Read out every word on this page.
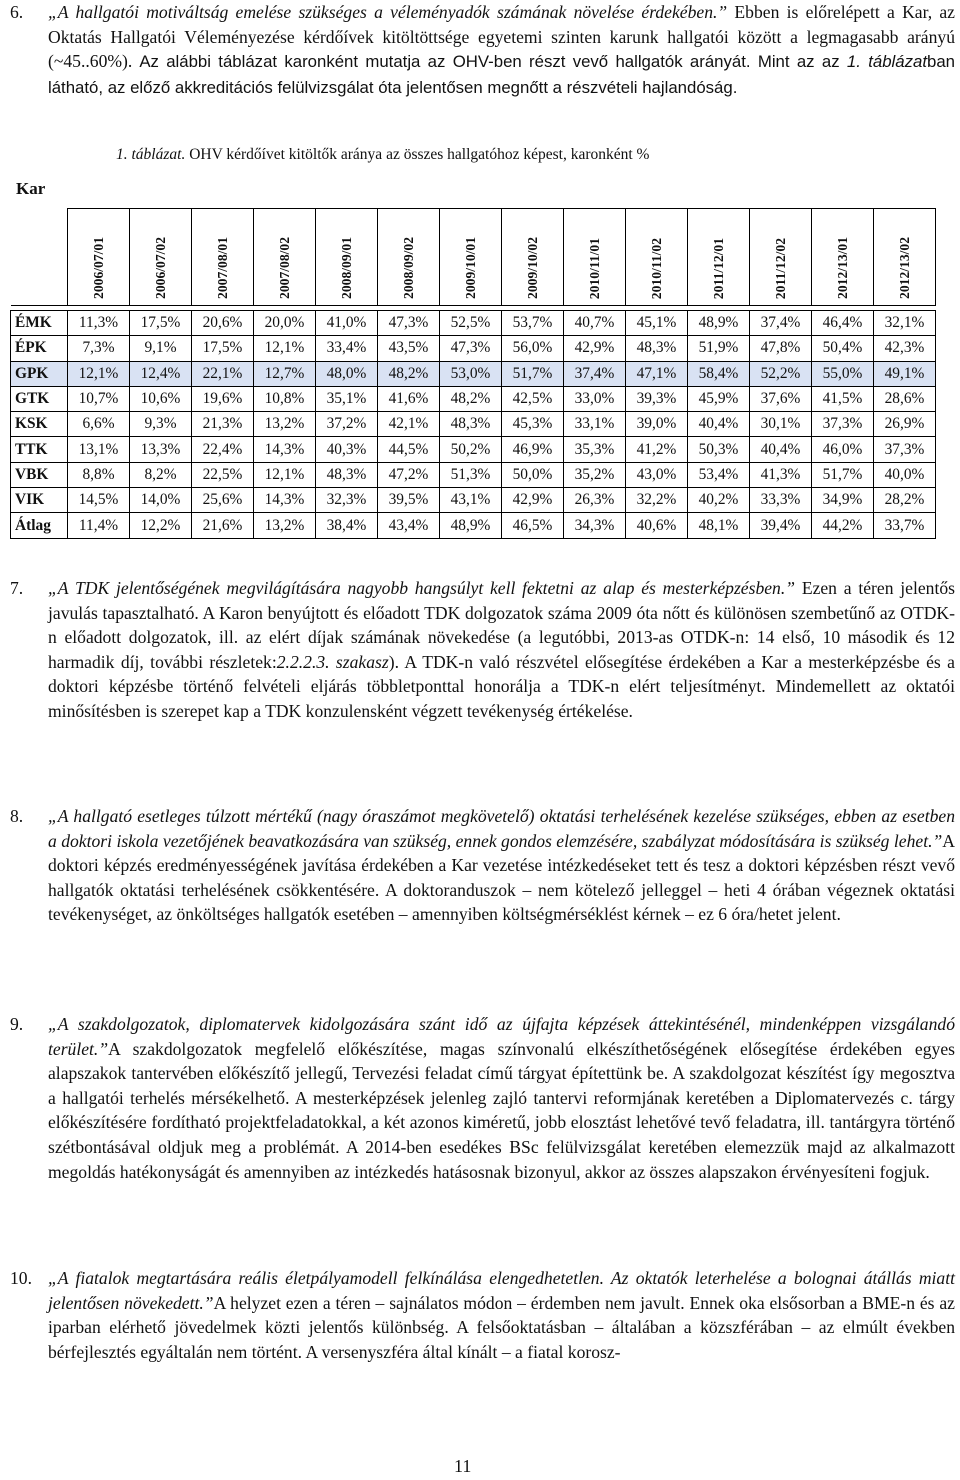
6. „A hallgatói motiváltság emelése szükséges a véleményadók számának növelése érdekében.” Ebben is előrelépett a Kar, az Oktatás Hallgatói Véleményezése kérdőívek kitöltöttsége egyetemi szinten karunk hallgatói között a legmagasabb arányú (~45..60%). Az alábbi táblázat karonként mutatja az OHV-ben részt vevő hallgatók arányát. Mint az az 1. táblázatban látható, az előző akkreditációs felülvizsgálat óta jelentősen megnőtt a részvételi hajlandóság.
1. táblázat. OHV kérdőívet kitöltők aránya az összes hallgatóhoz képest, karonként %
Kar

	2006/07/01	2006/07/02	2007/08/01	2007/08/02	2008/09/01	2008/09/02	2009/10/01	2009/10/02	2010/11/01	2010/11/02	2011/12/01	2011/12/02	2012/13/01	2012/13/02

ÉMK	11,3%	17,5%	20,6%	20,0%	41,0%	47,3%	52,5%	53,7%	40,7%	45,1%	48,9%	37,4%	46,4%	32,1%
ÉPK	7,3%	9,1%	17,5%	12,1%	33,4%	43,5%	47,3%	56,0%	42,9%	48,3%	51,9%	47,8%	50,4%	42,3%
GPK	12,1%	12,4%	22,1%	12,7%	48,0%	48,2%	53,0%	51,7%	37,4%	47,1%	58,4%	52,2%	55,0%	49,1%
GTK	10,7%	10,6%	19,6%	10,8%	35,1%	41,6%	48,2%	42,5%	33,0%	39,3%	45,9%	37,6%	41,5%	28,6%
KSK	6,6%	9,3%	21,3%	13,2%	37,2%	42,1%	48,3%	45,3%	33,1%	39,0%	40,4%	30,1%	37,3%	26,9%
TTK	13,1%	13,3%	22,4%	14,3%	40,3%	44,5%	50,2%	46,9%	35,3%	41,2%	50,3%	40,4%	46,0%	37,3%
VBK	8,8%	8,2%	22,5%	12,1%	48,3%	47,2%	51,3%	50,0%	35,2%	43,0%	53,4%	41,3%	51,7%	40,0%
VIK	14,5%	14,0%	25,6%	14,3%	32,3%	39,5%	43,1%	42,9%	26,3%	32,2%	40,2%	33,3%	34,9%	28,2%
Átlag	11,4%	12,2%	21,6%	13,2%	38,4%	43,4%	48,9%	46,5%	34,3%	40,6%	48,1%	39,4%	44,2%	33,7%
7. „A TDK jelentőségének megvilágítására nagyobb hangsúlyt kell fektetni az alap és mesterképzésben.” Ezen a téren jelentős javulás tapasztalható. A Karon benyújtott és előadott TDK dolgozatok száma 2009 óta nőtt és különösen szembetűnő az OTDK-n előadott dolgozatok, ill. az elért díjak számának növekedése (a legutóbbi, 2013-as OTDK-n: 14 első, 10 második és 12 harmadik díj, további részletek:2.2.2.3. szakasz). A TDK-n való részvétel elősegítése érdekében a Kar a mesterképzésbe és a doktori képzésbe történő felvételi eljárás többletponttal honorálja a TDK-n elért teljesítményt. Mindemellett az oktatói minősítésben is szerepet kap a TDK konzulensként végzett tevékenység értékelése.
8. „A hallgató esetleges túlzott mértékű (nagy óraszámot megkövetelő) oktatási terhelésének kezelése szükséges, ebben az esetben a doktori iskola vezetőjének beavatkozására van szükség, ennek gondos elemzésére, szabályzat módosítására is szükség lehet.”A doktori képzés eredményességének javítása érdekében a Kar vezetése intézkedéseket tett és tesz a doktori képzésben részt vevő hallgatók oktatási terhelésének csökkentésére. A doktoranduszok – nem kötelező jelleggel – heti 4 órában végeznek oktatási tevékenységet, az önköltséges hallgatók esetében – amennyiben költségmérséklést kérnek – ez 6 óra/hetet jelent.
9. „A szakdolgozatok, diplomatervek kidolgozására szánt idő az újfajta képzések áttekintésénél, mindenképpen vizsgálandó terület.”A szakdolgozatok megfelelő előkészítése, magas színvonalú elkészíthetőségének elősegítése érdekében egyes alapszakok tantervében előkészítő jellegű, Tervezési feladat című tárgyat építettünk be. A szakdolgozat készítést így megosztva a hallgatói terhelés mérsékelhető. A mesterképzések jelenleg zajló tantervi reformjának keretében a Diplomatervezés c. tárgy előkészítésére fordítható projektfeladatokkal, a két azonos kiméretű, jobb elosztást lehetővé tevő feladatra, ill. tantárgyra történő szétbontásával oldjuk meg a problémát. A 2014-ben esedékes BSc felülvizsgálat keretében elemezzük majd az alkalmazott megoldás hatékonyságát és amennyiben az intézkedés hatásosnak bizonyul, akkor az összes alapszakon érvényesíteni fogjuk.
10. „A fiatalok megtartására reális életpályamodell felkínálása elengedhetetlen. Az oktatók leterhelése a bolognai átállás miatt jelentősen növekedett.”A helyzet ezen a téren – sajnálatos módon – érdemben nem javult. Ennek oka elsősorban a BME-n és az iparban elérhető jövedelmek közti jelentős különbség. A felsőoktatásban – általában a közszférában – az elmúlt években bérfejlesztés egyáltalán nem történt. A versenyszféra által kínált – a fiatal korosz-
11
